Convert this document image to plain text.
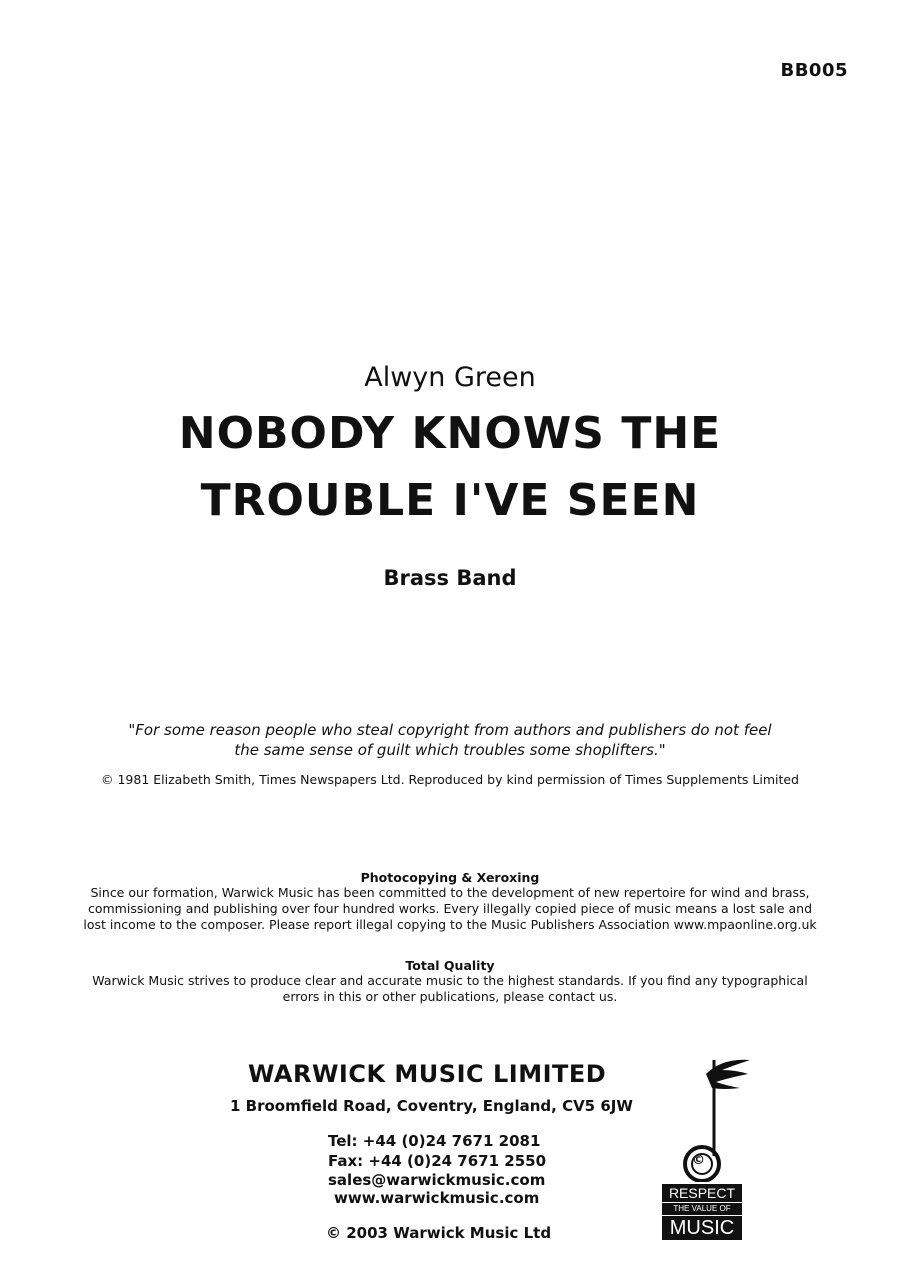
BB005
Alwyn Green
NOBODY KNOWS THE
TROUBLE I'VE SEEN
Brass Band
"For some reason people who steal copyright from authors and publishers do not feel
the same sense of guilt which troubles some shoplifters."
© 1981 Elizabeth Smith, Times Newspapers Ltd. Reproduced by kind permission of Times Supplements Limited
Photocopying & Xeroxing
Since our formation, Warwick Music has been committed to the development of new repertoire for wind and brass,
commissioning and publishing over four hundred works. Every illegally copied piece of music means a lost sale and
lost income to the composer. Please report illegal copying to the Music Publishers Association www.mpaonline.org.uk
Total Quality
Warwick Music strives to produce clear and accurate music to the highest standards. If you find any typographical
errors in this or other publications, please contact us.
WARWICK MUSIC LIMITED
1 Broomfield Road, Coventry, England, CV5 6JW
Tel: +44 (0)24 7671 2081
Fax: +44 (0)24 7671 2550
sales@warwickmusic.com
www.warwickmusic.com
© 2003 Warwick Music Ltd
©
RESPECT
THE VALUE OF
MUSIC
